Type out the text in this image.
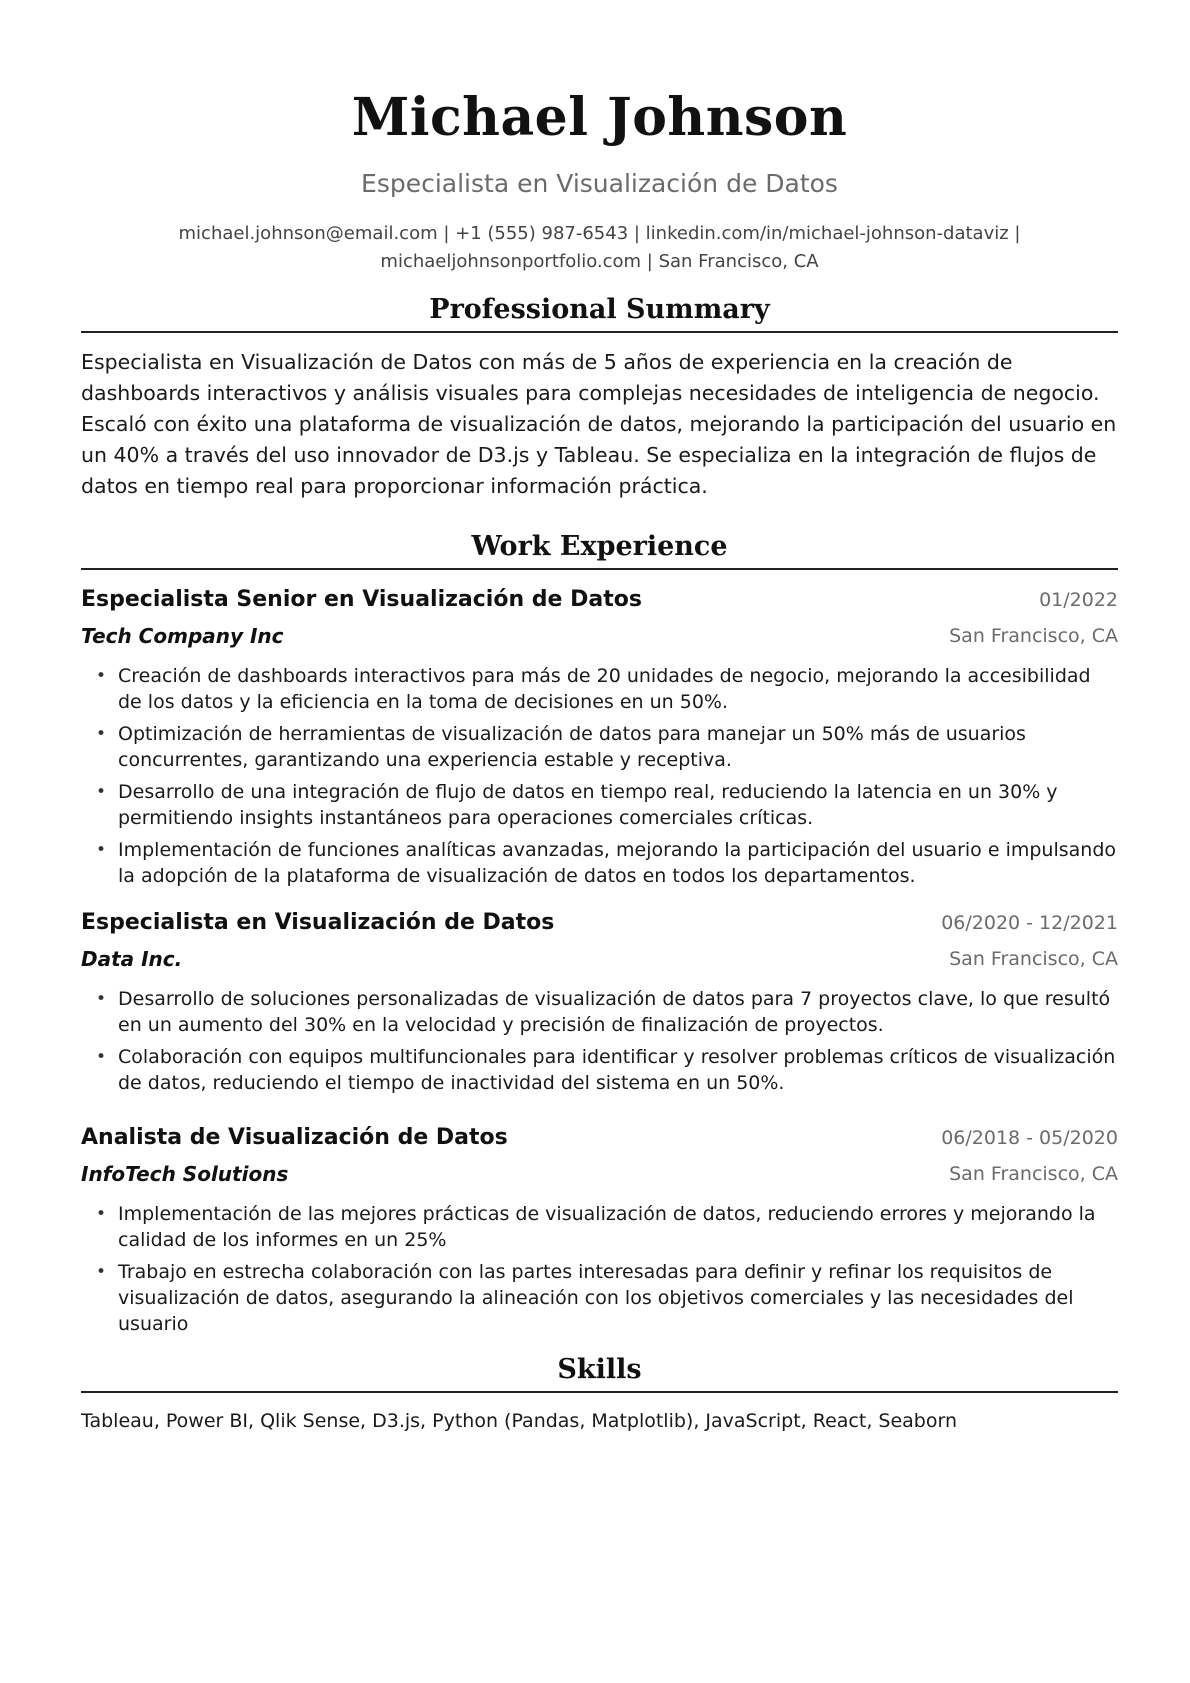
Michael Johnson
Especialista en Visualización de Datos
michael.johnson@email.com | +1 (555) 987-6543 | linkedin.com/in/michael-johnson-dataviz |
michaeljohnsonportfolio.com | San Francisco, CA
Professional Summary
Especialista en Visualización de Datos con más de 5 años de experiencia en la creación de dashboards interactivos y análisis visuales para complejas necesidades de inteligencia de negocio. Escaló con éxito una plataforma de visualización de datos, mejorando la participación del usuario en un 40% a través del uso innovador de D3.js y Tableau. Se especializa en la integración de flujos de datos en tiempo real para proporcionar información práctica.
Work Experience
Especialista Senior en Visualización de Datos	01/2022
Tech Company Inc	San Francisco, CA
• Creación de dashboards interactivos para más de 20 unidades de negocio, mejorando la accesibilidad de los datos y la eficiencia en la toma de decisiones en un 50%.
• Optimización de herramientas de visualización de datos para manejar un 50% más de usuarios concurrentes, garantizando una experiencia estable y receptiva.
• Desarrollo de una integración de flujo de datos en tiempo real, reduciendo la latencia en un 30% y permitiendo insights instantáneos para operaciones comerciales críticas.
• Implementación de funciones analíticas avanzadas, mejorando la participación del usuario e impulsando la adopción de la plataforma de visualización de datos en todos los departamentos.
Especialista en Visualización de Datos	06/2020 - 12/2021
Data Inc.	San Francisco, CA
• Desarrollo de soluciones personalizadas de visualización de datos para 7 proyectos clave, lo que resultó en un aumento del 30% en la velocidad y precisión de finalización de proyectos.
• Colaboración con equipos multifuncionales para identificar y resolver problemas críticos de visualización de datos, reduciendo el tiempo de inactividad del sistema en un 50%.
Analista de Visualización de Datos	06/2018 - 05/2020
InfoTech Solutions	San Francisco, CA
• Implementación de las mejores prácticas de visualización de datos, reduciendo errores y mejorando la calidad de los informes en un 25%
• Trabajo en estrecha colaboración con las partes interesadas para definir y refinar los requisitos de visualización de datos, asegurando la alineación con los objetivos comerciales y las necesidades del usuario
Skills
Tableau, Power BI, Qlik Sense, D3.js, Python (Pandas, Matplotlib), JavaScript, React, Seaborn
